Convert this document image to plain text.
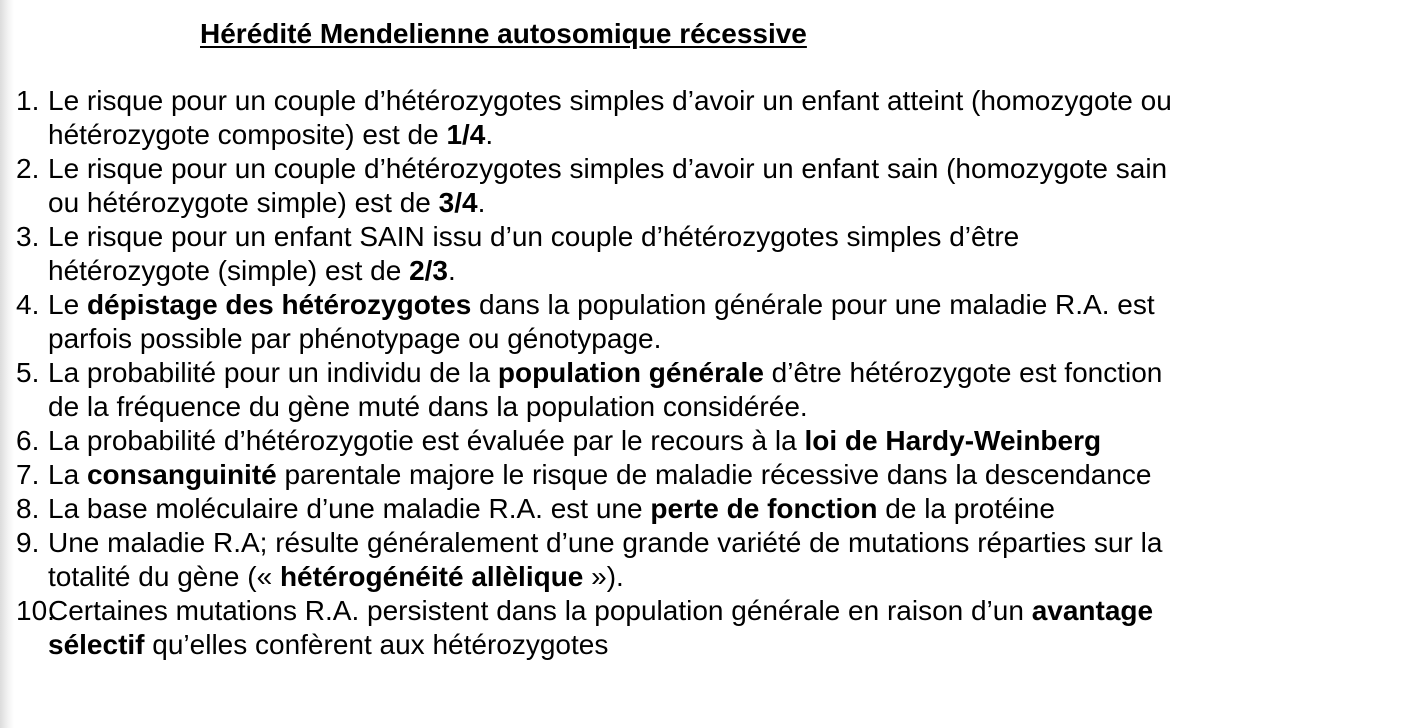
Hérédité Mendelienne autosomique récessive
1. Le risque pour un couple d’hétérozygotes simples d’avoir un enfant atteint (homozygote ou
hétérozygote composite) est de 1/4.
2. Le risque pour un couple d’hétérozygotes simples d’avoir un enfant sain (homozygote sain
ou hétérozygote simple) est de 3/4.
3. Le risque pour un enfant SAIN issu d’un couple d’hétérozygotes simples d’être
hétérozygote (simple) est de 2/3.
4. Le dépistage des hétérozygotes dans la population générale pour une maladie R.A. est
parfois possible par phénotypage ou génotypage.
5. La probabilité pour un individu de la population générale d’être hétérozygote est fonction
de la fréquence du gène muté dans la population considérée.
6. La probabilité d’hétérozygotie est évaluée par le recours à la loi de Hardy-Weinberg
7. La consanguinité parentale majore le risque de maladie récessive dans la descendance
8. La base moléculaire d’une maladie R.A. est une perte de fonction de la protéine
9. Une maladie R.A; résulte généralement d’une grande variété de mutations réparties sur la
totalité du gène (« hétérogénéité allèlique »).
10.
Certaines mutations R.A. persistent dans la population générale en raison d’un avantage
sélectif qu’elles confèrent aux hétérozygotes
